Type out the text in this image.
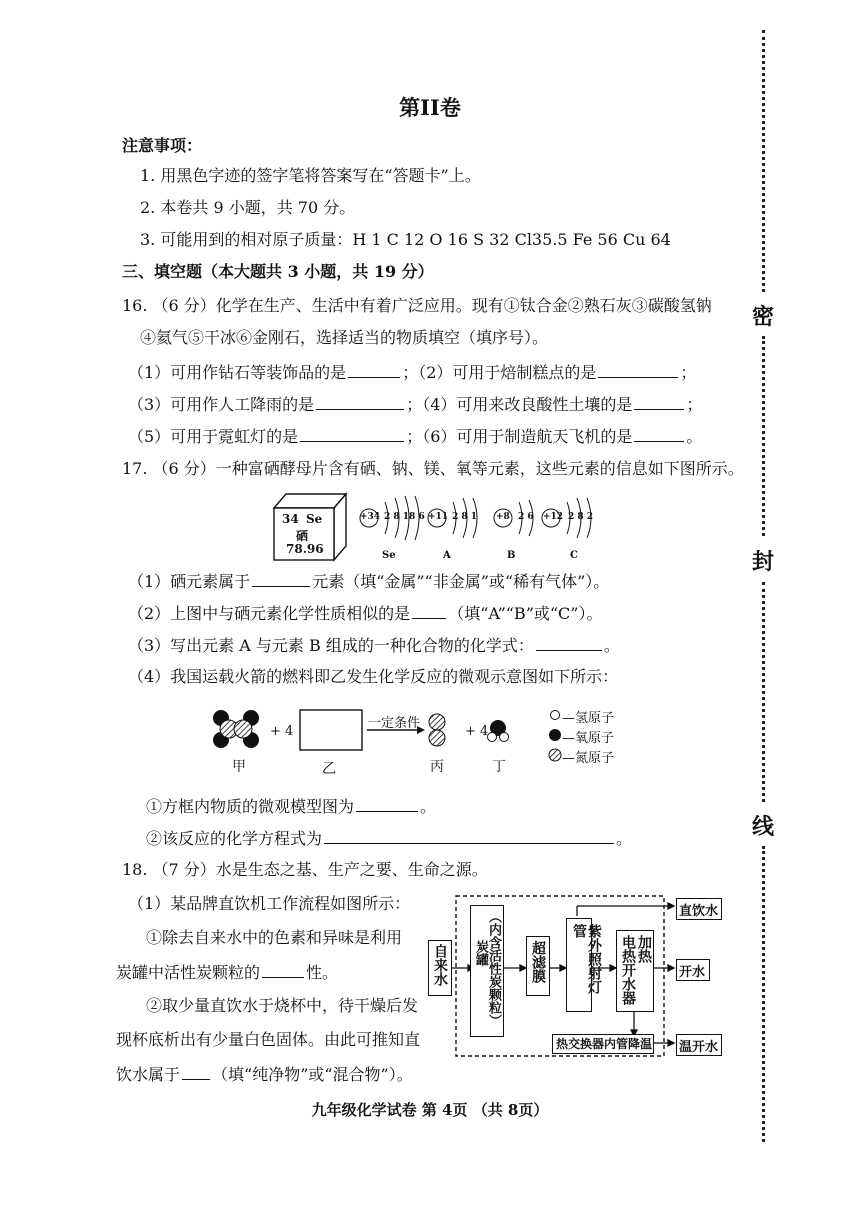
第II卷
注意事项：
1. 用黑色字迹的签字笔将答案写在“答题卡”上。
2. 本卷共 9 小题，共 70 分。
3. 可能用到的相对原子质量：H 1 C 12 O 16 S 32 Cl35.5 Fe 56 Cu 64
三、填空题（本大题共 3 小题，共 19 分）
16. （6 分）化学在生产、生活中有着广泛应用。现有①钛合金②熟石灰③碳酸氢钠
④氦气⑤干冰⑥金刚石，选择适当的物质填空（填序号）。
（1）可用作钻石等装饰品的是	；（2）可用于焙制糕点的是	；
（3）可用作人工降雨的是	；（4）可用来改良酸性土壤的是	；
（5）可用于霓虹灯的是	；（6）可用于制造航天飞机的是	。
17. （6 分）一种富硒酵母片含有硒、钠、镁、氧等元素，这些元素的信息如下图所示。
34 Se
硒
78.96
+34 2 8 18 6 +11 2 8 1 +8 2 6 +12 2 8 2
Se	A	B	C
（1）硒元素属于	元素（填“金属”“非金属”或“稀有气体”）。
（2）上图中与硒元素化学性质相似的是 （填“A”“B”或“C”）。
（3）写出元素 A 与元素 B 组成的一种化合物的化学式：	。
（4）我国运载火箭的燃料即乙发生化学反应的微观示意图如下所示：
+ 4	+ 4
一定条件
甲	乙	丙	丁
—氢原子
—氧原子
—氮原子
①方框内物质的微观模型图为	。
②该反应的化学方程式为	。
18. （7 分）水是生态之基、生产之要、生命之源。
（1）某品牌直饮机工作流程如图所示：
①除去自来水中的色素和异味是利用
炭罐中活性炭颗粒的	性。
②取少量直饮水于烧杯中，待干燥后发
现杯底析出有少量白色固体。由此可推知直
饮水属于 （填“纯净物”或“混合物”）。
自来水	（内含活性炭颗粒）
炭罐	超滤膜	紫外照射灯管
电热开水器 加热
热交换器内管降温
直饮水
开水
温开水
九年级化学试卷 第 4页 （共 8页）
密
封
线
